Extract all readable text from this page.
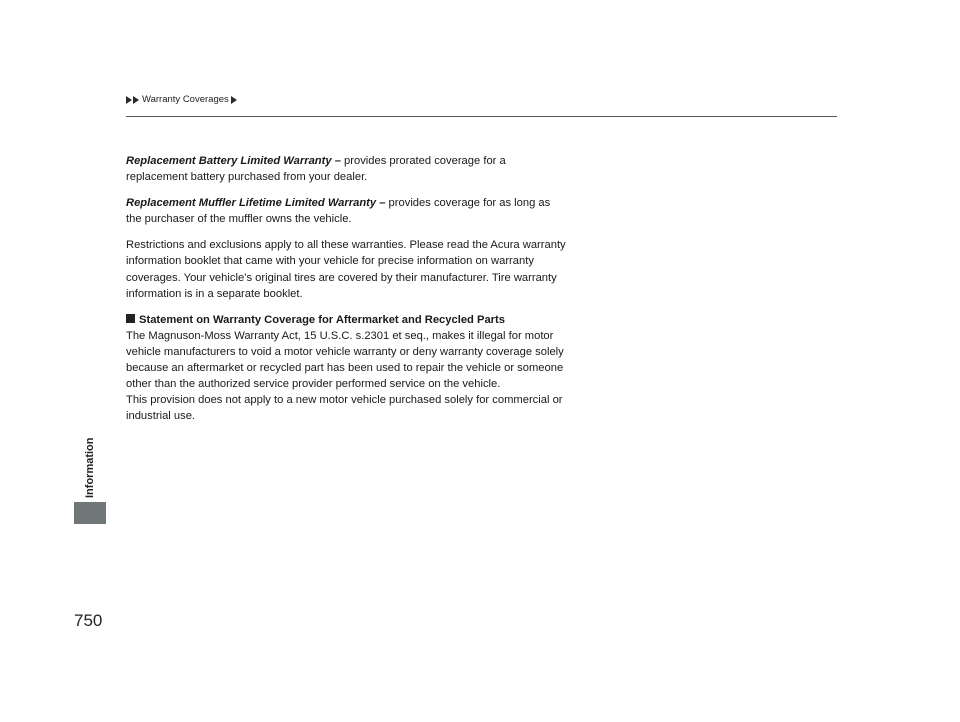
Warranty Coverages
Information
750

Replacement Battery Limited Warranty – provides prorated coverage for a replacement battery purchased from your dealer.

Replacement Muffler Lifetime Limited Warranty – provides coverage for as long as the purchaser of the muffler owns the vehicle.

Restrictions and exclusions apply to all these warranties. Please read the Acura warranty information booklet that came with your vehicle for precise information on warranty coverages. Your vehicle’s original tires are covered by their manufacturer. Tire warranty information is in a separate booklet.

Statement on Warranty Coverage for Aftermarket and Recycled Parts

The Magnuson-Moss Warranty Act, 15 U.S.C. s.2301 et seq., makes it illegal for motor vehicle manufacturers to void a motor vehicle warranty or deny warranty coverage solely because an aftermarket or recycled part has been used to repair the vehicle or someone other than the authorized service provider performed service on the vehicle.

This provision does not apply to a new motor vehicle purchased solely for commercial or industrial use.
